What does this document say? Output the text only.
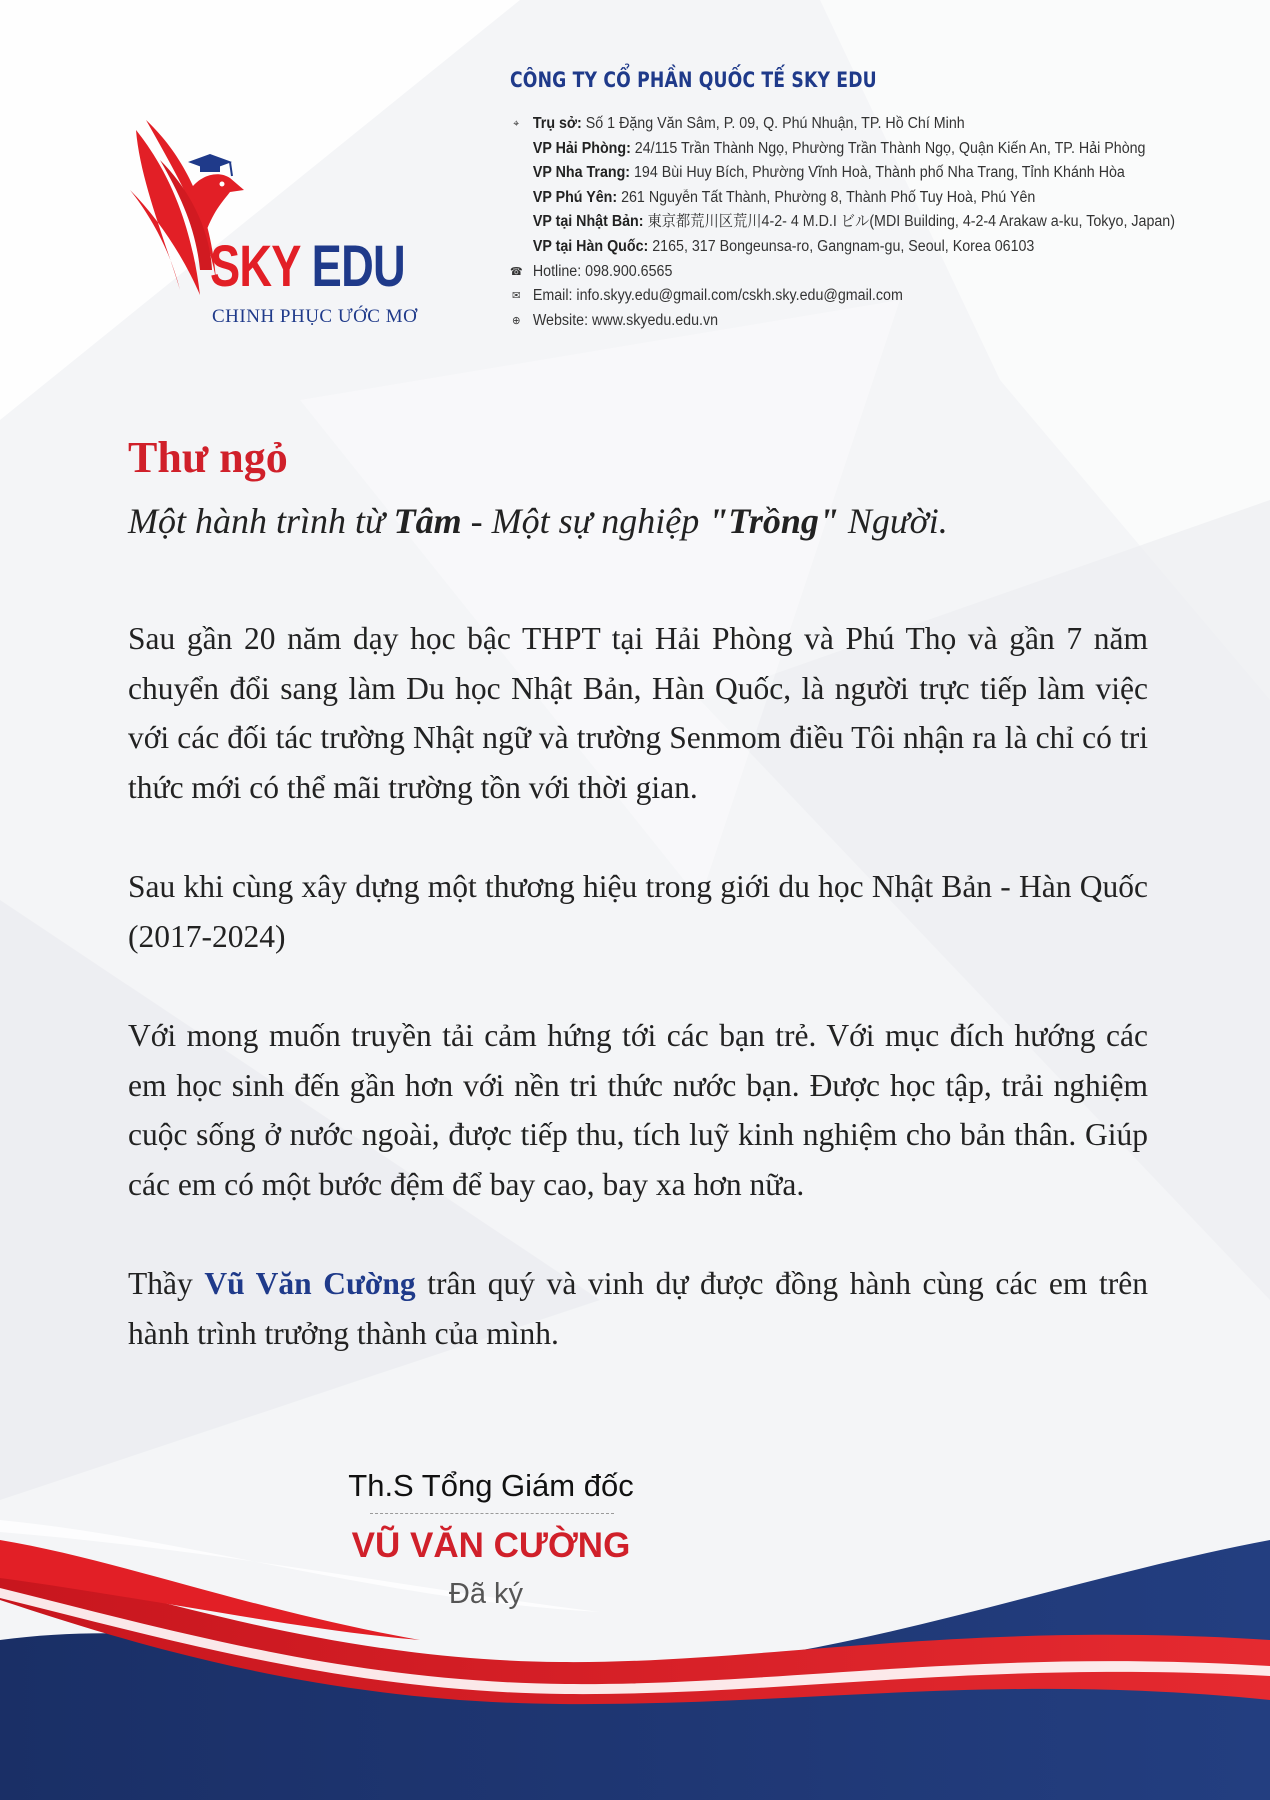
SKY EDU
CHINH PHỤC ƯỚC MƠ
CÔNG TY CỔ PHẦN QUỐC TẾ SKY EDU
⌖ Trụ sở: Số 1 Đặng Văn Sâm, P. 09, Q. Phú Nhuận, TP. Hồ Chí Minh
VP Hải Phòng: 24/115 Trần Thành Ngọ, Phường Trần Thành Ngọ, Quận Kiến An, TP. Hải Phòng
VP Nha Trang: 194 Bùi Huy Bích, Phường Vĩnh Hoà, Thành phố Nha Trang, Tỉnh Khánh Hòa
VP Phú Yên: 261 Nguyễn Tất Thành, Phường 8, Thành Phố Tuy Hoà, Phú Yên
VP tại Nhật Bản: 東京都荒川区荒川4-2- 4 M.D.I ビル(MDI Building, 4-2-4 Arakaw a-ku, Tokyo, Japan)
VP tại Hàn Quốc: 2165, 317 Bongeunsa-ro, Gangnam-gu, Seoul, Korea 06103
☎ Hotline: 098.900.6565
✉ Email: info.skyy.edu@gmail.com/cskh.sky.edu@gmail.com
⊕ Website: www.skyedu.edu.vn
Thư ngỏ
Một hành trình từ Tâm - Một sự nghiệp "Trồng" Người.
Sau gần 20 năm dạy học bậc THPT tại Hải Phòng và Phú Thọ và gần 7 năm chuyển đổi sang làm Du học Nhật Bản, Hàn Quốc, là người trực tiếp làm việc với các đối tác trường Nhật ngữ và trường Senmom điều Tôi nhận ra là chỉ có tri thức mới có thể mãi trường tồn với thời gian.
Sau khi cùng xây dựng một thương hiệu trong giới du học Nhật Bản - Hàn Quốc (2017-2024)
Với mong muốn truyền tải cảm hứng tới các bạn trẻ. Với mục đích hướng các em học sinh đến gần hơn với nền tri thức nước bạn. Được học tập, trải nghiệm cuộc sống ở nước ngoài, được tiếp thu, tích luỹ kinh nghiệm cho bản thân. Giúp các em có một bước đệm để bay cao, bay xa hơn nữa.
Thầy Vũ Văn Cường trân quý và vinh dự được đồng hành cùng các em trên hành trình trưởng thành của mình.
Th.S Tổng Giám đốc
VŨ VĂN CƯỜNG
Đã ký
